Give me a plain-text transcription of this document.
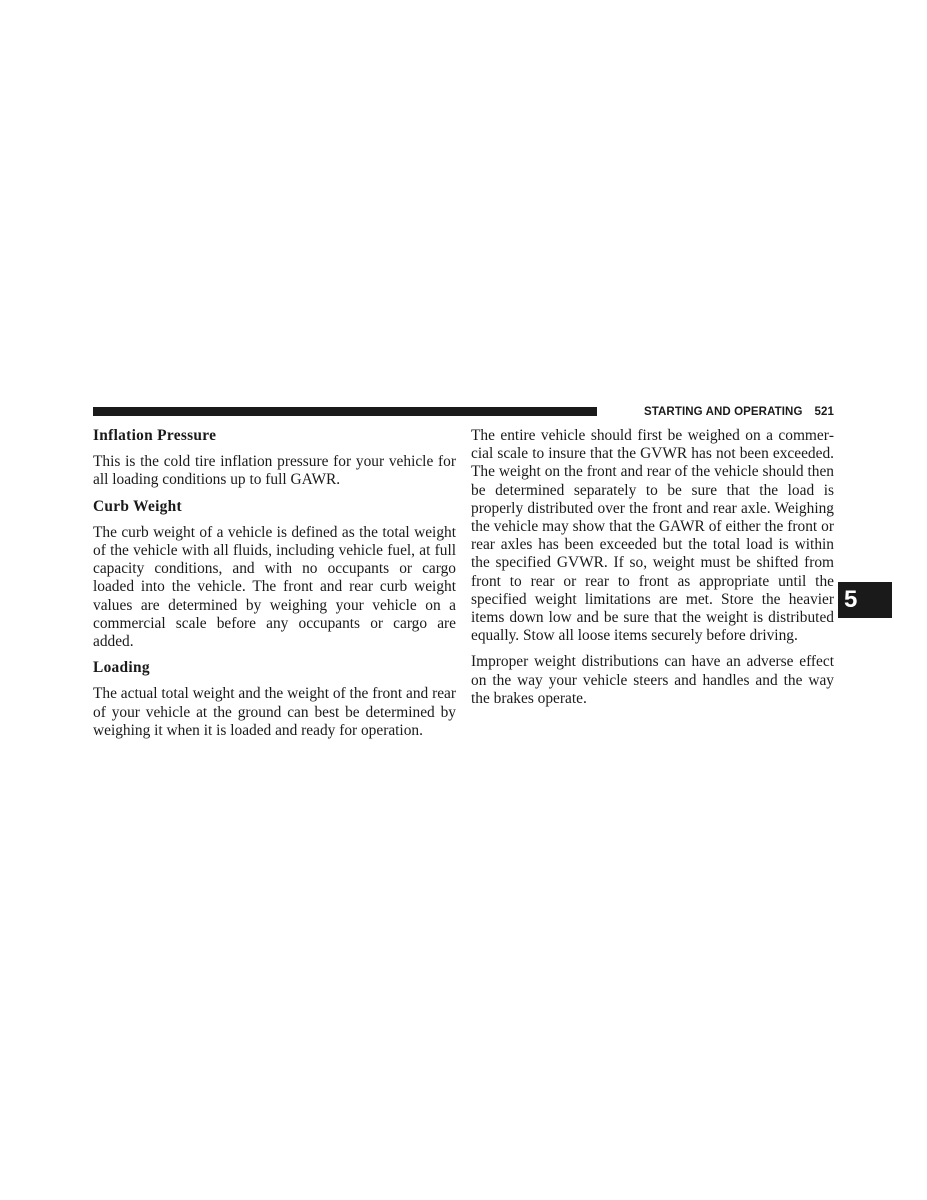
STARTING AND OPERATING 521
5
Inflation Pressure

This is the cold tire inflation pressure for your vehicle for all loading conditions up to full GAWR.

Curb Weight

The curb weight of a vehicle is defined as the total weight of the vehicle with all fluids, including vehicle fuel, at full capacity conditions, and with no occupants or cargo loaded into the vehicle. The front and rear curb weight values are determined by weighing your vehicle on a commercial scale before any occupants or cargo are added.

Loading

The actual total weight and the weight of the front and rear of your vehicle at the ground can best be determined by weighing it when it is loaded and ready for operation.

The entire vehicle should first be weighed on a commercial scale to insure that the GVWR has not been exceeded. The weight on the front and rear of the vehicle should then be determined separately to be sure that the load is properly distributed over the front and rear axle. Weighing the vehicle may show that the GAWR of either the front or rear axles has been exceeded but the total load is within the specified GVWR. If so, weight must be shifted from front to rear or rear to front as appropriate until the specified weight limitations are met. Store the heavier items down low and be sure that the weight is distributed equally. Stow all loose items securely before driving.

Improper weight distributions can have an adverse effect on the way your vehicle steers and handles and the way the brakes operate.
